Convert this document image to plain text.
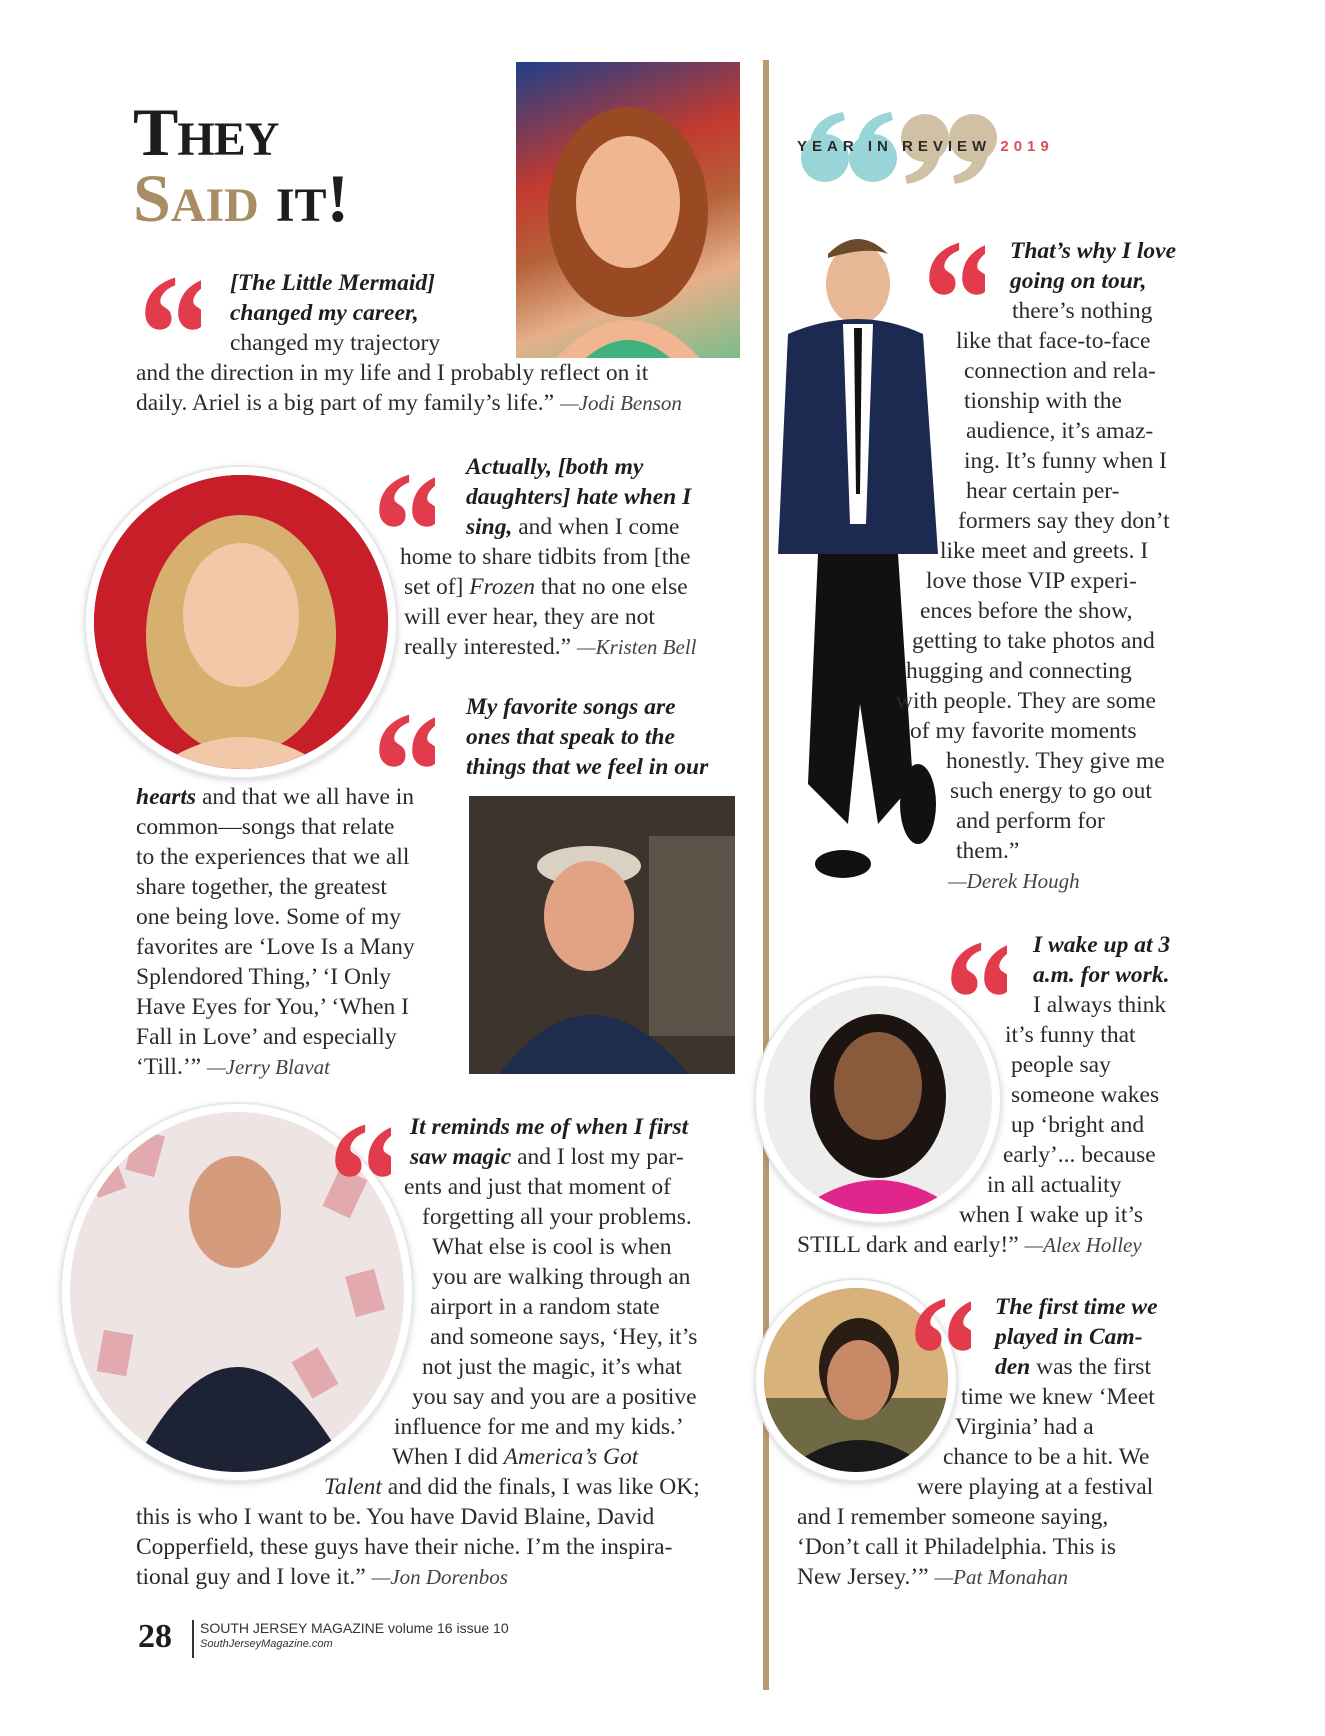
They
Said it!
YEAR IN REVIEW 2019
[The Little Mermaid]
changed my career,
changed my trajectory
and the direction in my life and I probably reflect on it
daily. Ariel is a big part of my family’s life.” —Jodi Benson
Actually, [both my
daughters] hate when I
sing, and when I come
home to share tidbits from [the
set of] Frozen that no one else
will ever hear, they are not
really interested.” —Kristen Bell
My favorite songs are
ones that speak to the
things that we feel in our
hearts and that we all have in
common—songs that relate
to the experiences that we all
share together, the greatest
one being love. Some of my
favorites are ‘Love Is a Many
Splendored Thing,’ ‘I Only
Have Eyes for You,’ ‘When I
Fall in Love’ and especially
‘Till.’” —Jerry Blavat
It reminds me of when I first
saw magic and I lost my par-
ents and just that moment of
forgetting all your problems.
What else is cool is when
you are walking through an
airport in a random state
and someone says, ‘Hey, it’s
not just the magic, it’s what
you say and you are a positive
influence for me and my kids.’
When I did America’s Got
Talent and did the finals, I was like OK;
this is who I want to be. You have David Blaine, David
Copperfield, these guys have their niche. I’m the inspira-
tional guy and I love it.” —Jon Dorenbos
That’s why I love
going on tour,
there’s nothing
like that face-to-face
connection and rela-
tionship with the
audience, it’s amaz-
ing. It’s funny when I
hear certain per-
formers say they don’t
like meet and greets. I
love those VIP experi-
ences before the show,
getting to take photos and
hugging and connecting
with people. They are some
of my favorite moments
honestly. They give me
such energy to go out
and perform for
them.”
—Derek Hough
I wake up at 3
a.m. for work.
I always think
it’s funny that
people say
someone wakes
up ‘bright and
early’... because
in all actuality
when I wake up it’s
STILL dark and early!” —Alex Holley
The first time we
played in Cam-
den was the first
time we knew ‘Meet
Virginia’ had a
chance to be a hit. We
were playing at a festival
and I remember someone saying,
‘Don’t call it Philadelphia. This is
New Jersey.’” —Pat Monahan
28 SOUTH JERSEY MAGAZINE volume 16 issue 10
SouthJerseyMagazine.com
